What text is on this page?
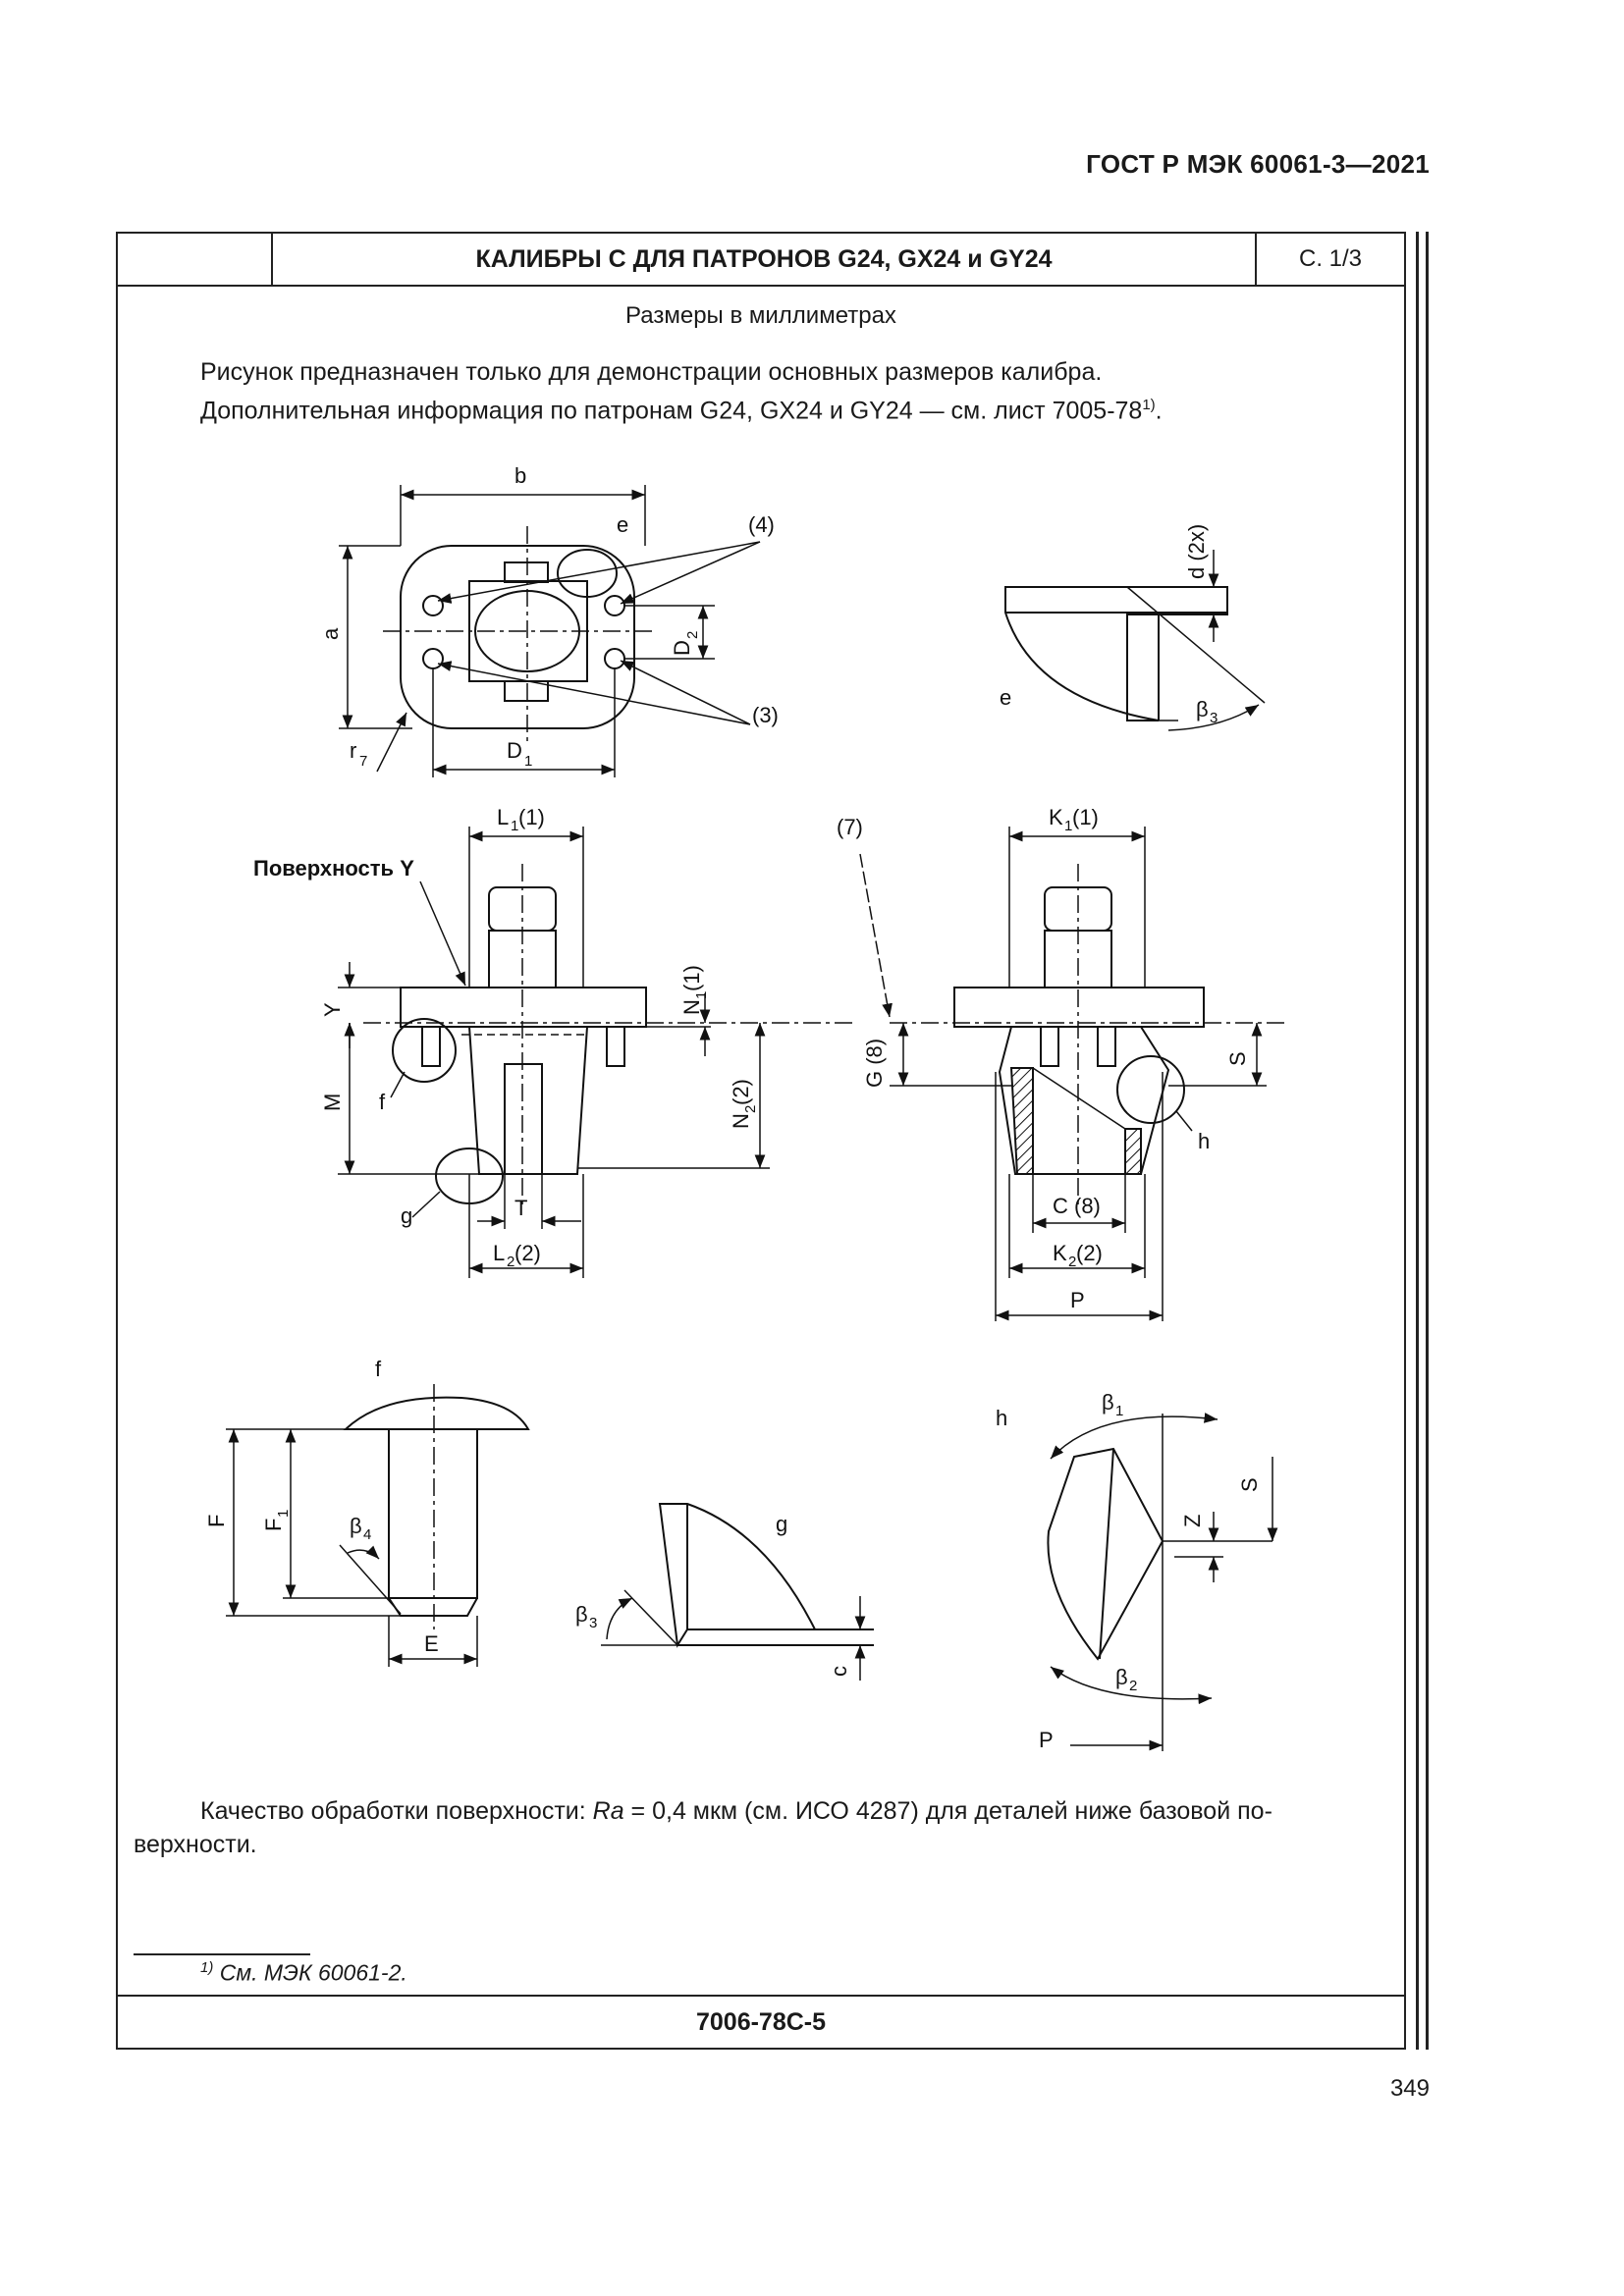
ГОСТ Р МЭК 60061-3—2021
КАЛИБРЫ С ДЛЯ ПАТРОНОВ G24, GX24 и GY24	С. 1/3
Размеры в миллиметрах
Рисунок предназначен только для демонстрации основных размеров калибра.
Дополнительная информация по патронам G24, GX24 и GY24 — см. лист 7005-78$^{1)}$.
Качество обработки поверхности: Ra = 0,4 мкм (см. ИСО 4287) для деталей ниже базовой по-верхности.
$^{1)}$ См. МЭК 60061-2.
7006-78C-5
b
e	(4)
(3)
a
D
2
r 7	D 1
d (2x)
e	β 3
L 1 (1)
Поверхность Y
Y
M f
g
N
1
(1)
N
2
(2)
T
L 2 (2)
(7)	K 1 (1)
G (8)	S
h
C (8)
K 2 (2)
P
f
F F
1
β 4
E
g
β 3
c
h
β 1
Z
S
β 2
P
349
